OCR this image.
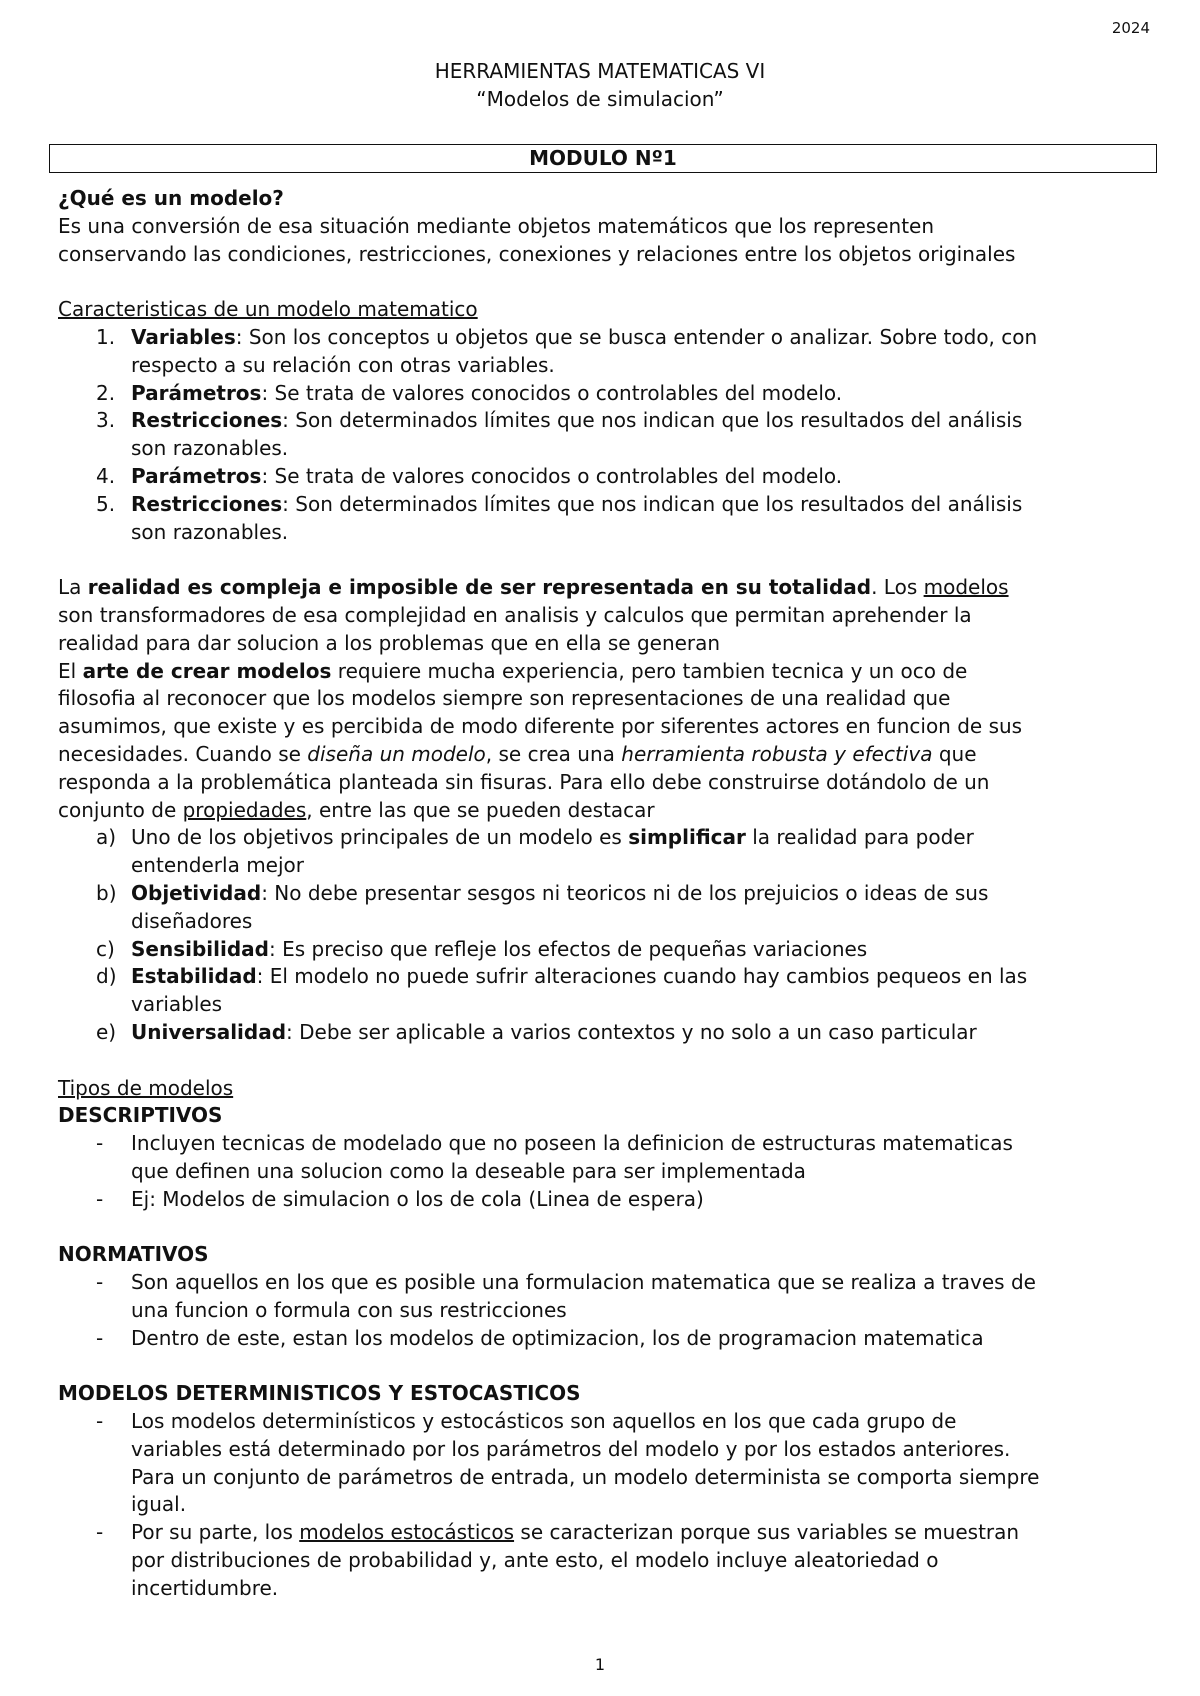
2024
HERRAMIENTAS MATEMATICAS VI
“Modelos de simulacion”
MODULO Nº1

¿Qué es un modelo?

Es una conversión de esa situación mediante objetos matemáticos que los representen

conservando las condiciones, restricciones, conexiones y relaciones entre los objetos originales

Caracteristicas de un modelo matematico

1. Variables: Son los conceptos u objetos que se busca entender o analizar. Sobre todo, con
respecto a su relación con otras variables.
2. Parámetros: Se trata de valores conocidos o controlables del modelo.
3. Restricciones: Son determinados límites que nos indican que los resultados del análisis
son razonables.
4. Parámetros: Se trata de valores conocidos o controlables del modelo.
5. Restricciones: Son determinados límites que nos indican que los resultados del análisis
son razonables.

La realidad es compleja e imposible de ser representada en su totalidad. Los modelos

son transformadores de esa complejidad en analisis y calculos que permitan aprehender la

realidad para dar solucion a los problemas que en ella se generan

El arte de crear modelos requiere mucha experiencia, pero tambien tecnica y un oco de

filosofia al reconocer que los modelos siempre son representaciones de una realidad que

asumimos, que existe y es percibida de modo diferente por siferentes actores en funcion de sus

necesidades. Cuando se diseña un modelo, se crea una herramienta robusta y efectiva que

responda a la problemática planteada sin fisuras. Para ello debe construirse dotándolo de un

conjunto de propiedades, entre las que se pueden destacar

a) Uno de los objetivos principales de un modelo es simplificar la realidad para poder
entenderla mejor
b) Objetividad: No debe presentar sesgos ni teoricos ni de los prejuicios o ideas de sus
diseñadores
c) Sensibilidad: Es preciso que refleje los efectos de pequeñas variaciones
d) Estabilidad: El modelo no puede sufrir alteraciones cuando hay cambios pequeos en las
variables
e) Universalidad: Debe ser aplicable a varios contextos y no solo a un caso particular

Tipos de modelos

DESCRIPTIVOS

- Incluyen tecnicas de modelado que no poseen la definicion de estructuras matematicas
que definen una solucion como la deseable para ser implementada
- Ej: Modelos de simulacion o los de cola (Linea de espera)

NORMATIVOS

- Son aquellos en los que es posible una formulacion matematica que se realiza a traves de
una funcion o formula con sus restricciones
- Dentro de este, estan los modelos de optimizacion, los de programacion matematica

MODELOS DETERMINISTICOS Y ESTOCASTICOS

- Los modelos determinísticos y estocásticos son aquellos en los que cada grupo de
variables está determinado por los parámetros del modelo y por los estados anteriores.
Para un conjunto de parámetros de entrada, un modelo determinista se comporta siempre
igual.
- Por su parte, los modelos estocásticos se caracterizan porque sus variables se muestran
por distribuciones de probabilidad y, ante esto, el modelo incluye aleatoriedad o
incertidumbre.
1
